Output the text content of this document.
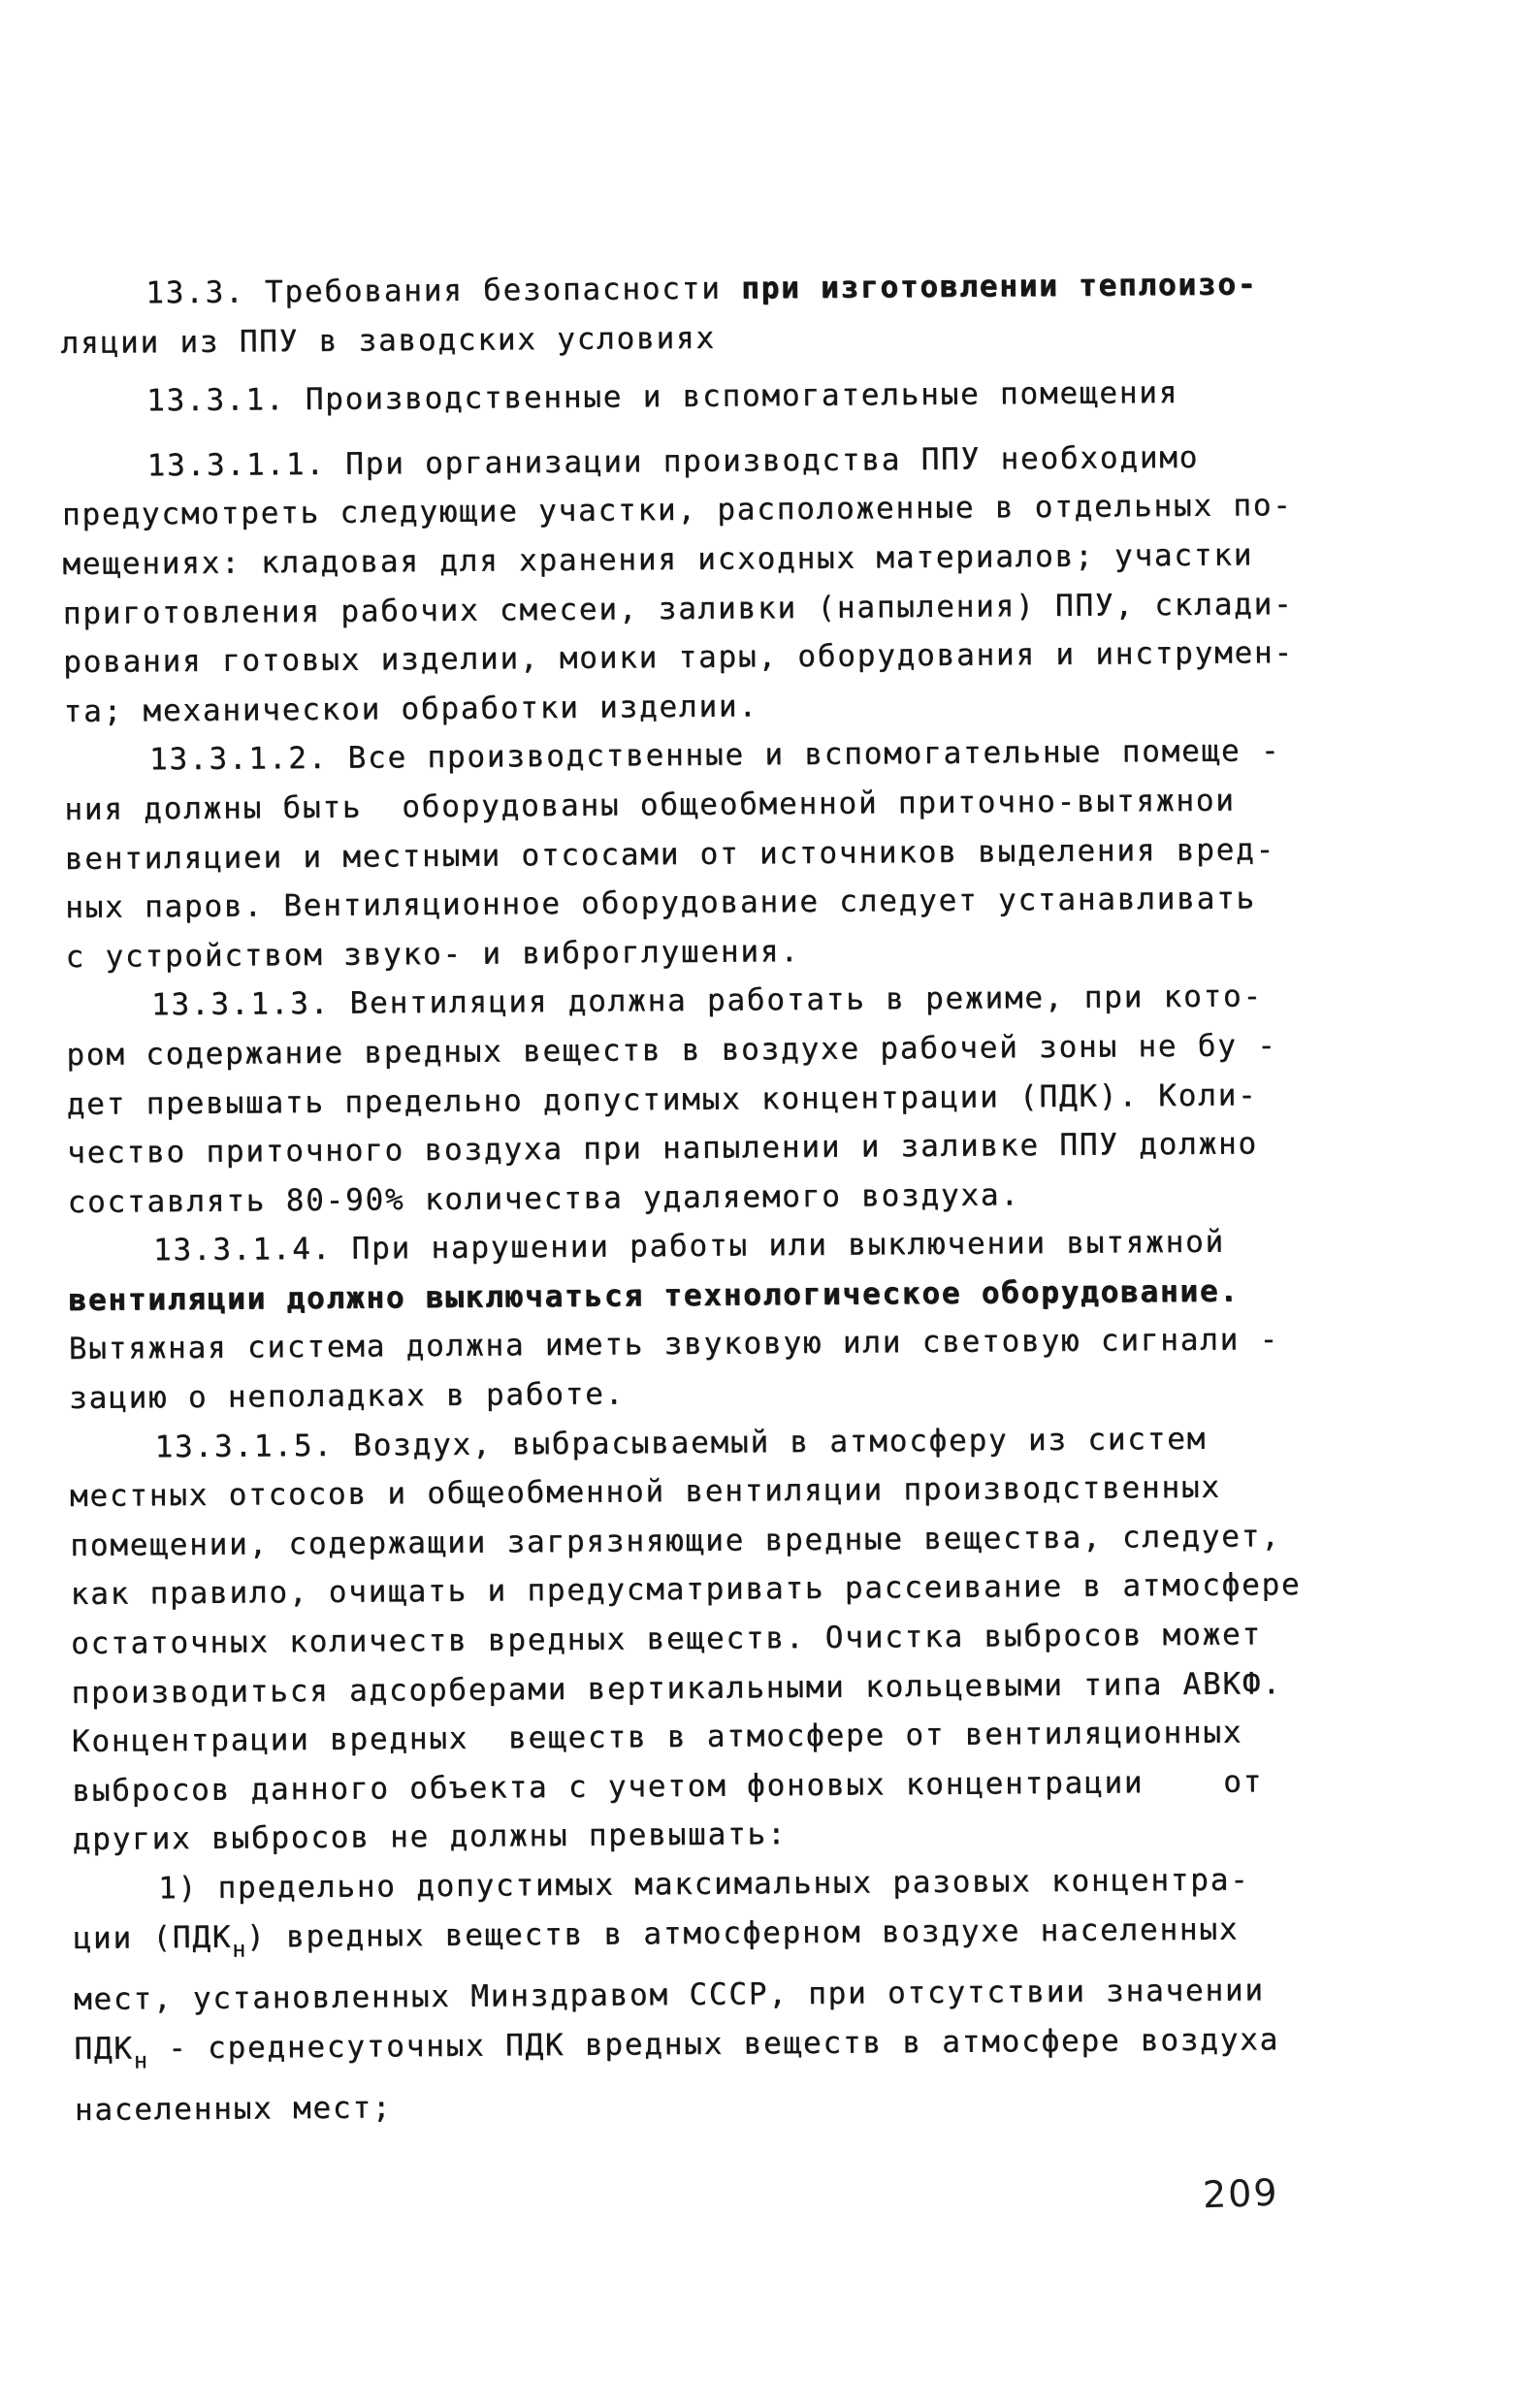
13.3. Требования безопасности при изготовлении теплоизо-
ляции из ППУ в заводских условиях
13.3.1. Производственные и вспомогательные помещения
13.3.1.1. При организации производства ППУ необходимо
предусмотреть следующие участки, расположенные в отдельных по-
мещениях: кладовая для хранения исходных материалов; участки
приготовления рабочих смесеи, заливки (напыления) ППУ, склади-
рования готовых изделии, моики тары, оборудования и инструмен-
та; механическои обработки изделии.
13.3.1.2. Все производственные и вспомогательные помеще -
ния должны быть  оборудованы общеобменной приточно-вытяжнои
вентиляциеи и местными отсосами от источников выделения вред-
ных паров. Вентиляционное оборудование следует устанавливать
с устройством звуко- и виброглушения.
13.3.1.3. Вентиляция должна работать в режиме, при кото-
ром содержание вредных веществ в воздухе рабочей зоны не бу -
дет превышать предельно допустимых концентрации (ПДК). Коли-
чество приточного воздуха при напылении и заливке ППУ должно
составлять 80-90% количества удаляемого воздуха.
13.3.1.4. При нарушении работы или выключении вытяжной
вентиляции должно выключаться технологическое оборудование.
Вытяжная система должна иметь звуковую или световую сигнали -
зацию о неполадках в работе.
13.3.1.5. Воздух, выбрасываемый в атмосферу из систем
местных отсосов и общеобменной вентиляции производственных
помещении, содержащии загрязняющие вредные вещества, следует,
как правило, очищать и предусматривать рассеивание в атмосфере
остаточных количеств вредных веществ. Очистка выбросов может
производиться адсорберами вертикальными кольцевыми типа АВКФ.
Концентрации вредных  веществ в атмосфере от вентиляционных
выбросов данного объекта с учетом фоновых концентрации    от
других выбросов не должны превышать:
1) предельно допустимых максимальных разовых концентра-
ции $(ПДК_н)$ вредных веществ в атмосферном воздухе населенных
мест, установленных Минздравом СССР, при отсутствии значении
$ПДК_н$ - среднесуточных ПДК вредных веществ в атмосфере воздуха
населенных мест;
209
